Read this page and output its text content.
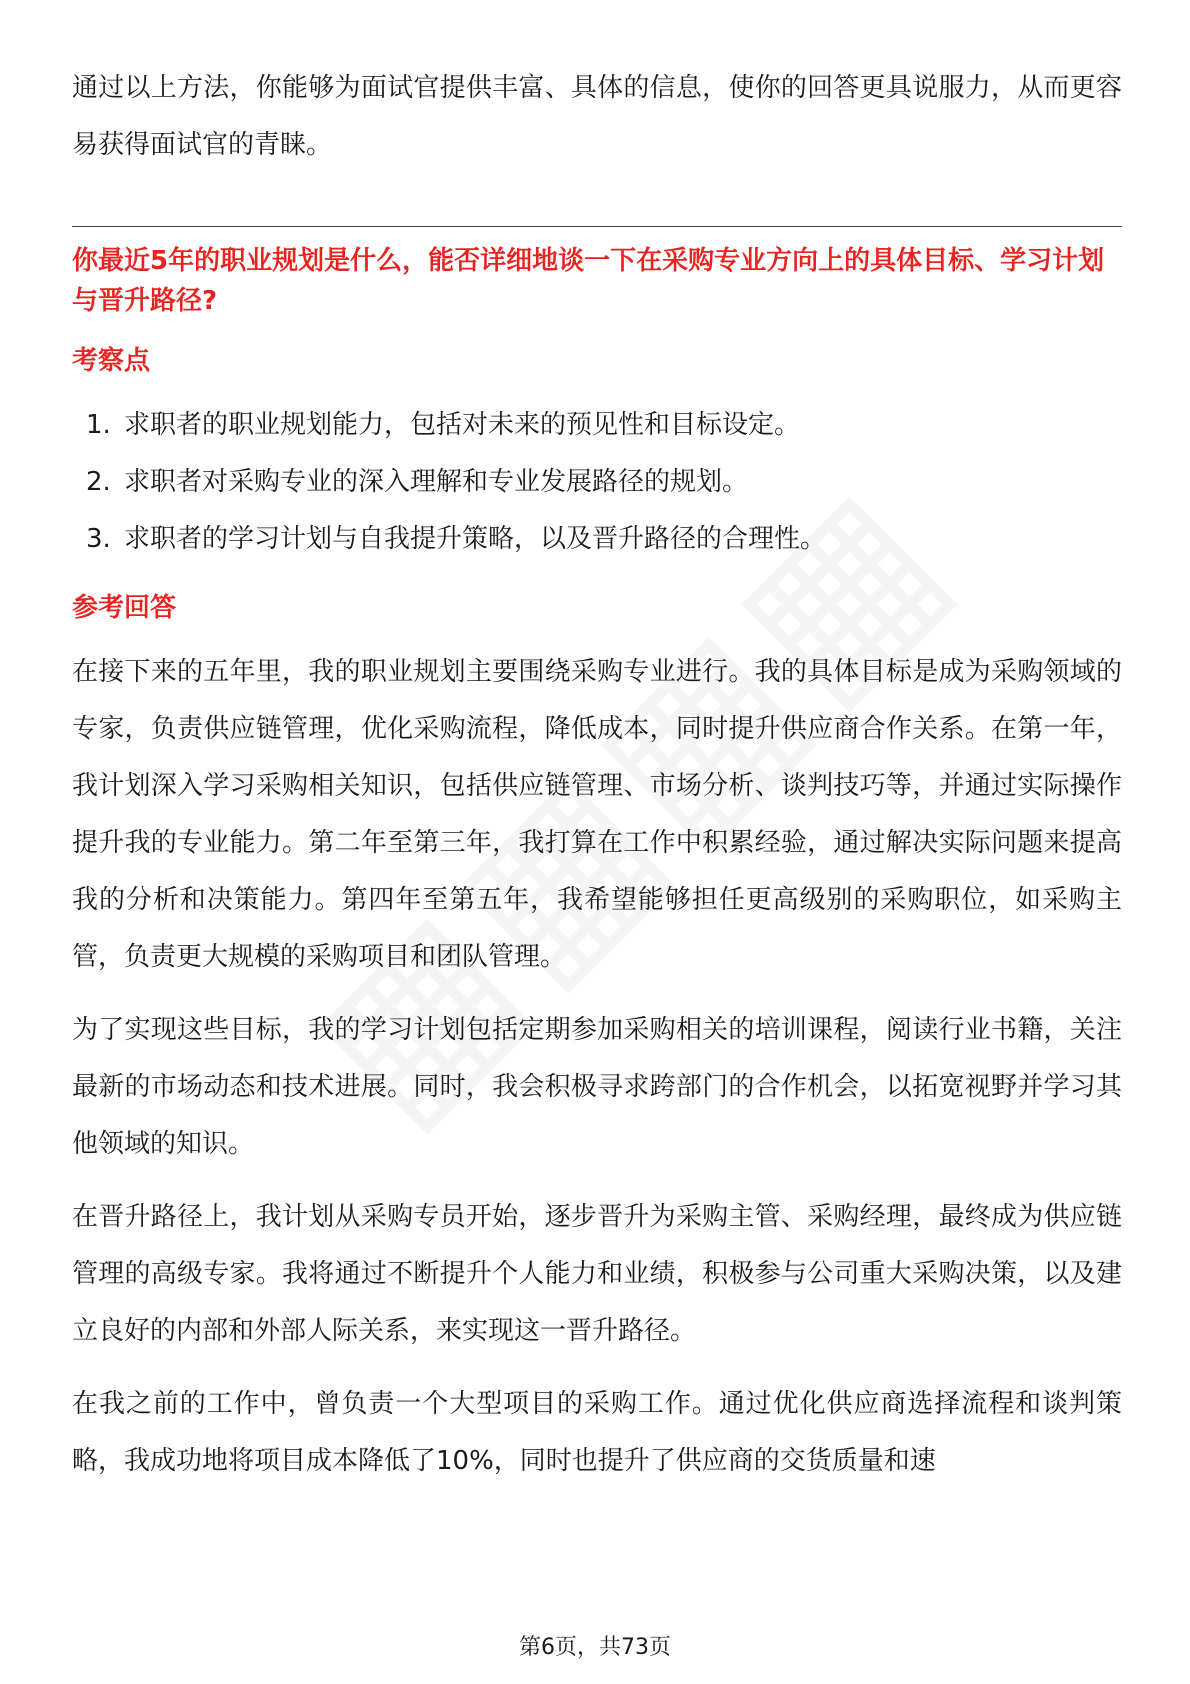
通过以上方法，你能够为面试官提供丰富、具体的信息，使你的回答更具说服力，从而更容易获得面试官的青睐。

你最近5年的职业规划是什么，能否详细地谈一下在采购专业方向上的具体目标、学习计划与晋升路径?
考察点
1. 求职者的职业规划能力，包括对未来的预见性和目标设定。
2. 求职者对采购专业的深入理解和专业发展路径的规划。
3. 求职者的学习计划与自我提升策略，以及晋升路径的合理性。
参考回答

在接下来的五年里，我的职业规划主要围绕采购专业进行。我的具体目标是成为采购领域的专家，负责供应链管理，优化采购流程，降低成本，同时提升供应商合作关系。在第一年，我计划深入学习采购相关知识，包括供应链管理、市场分析、谈判技巧等，并通过实际操作提升我的专业能力。第二年至第三年，我打算在工作中积累经验，通过解决实际问题来提高我的分析和决策能力。第四年至第五年，我希望能够担任更高级别的采购职位，如采购主管，负责更大规模的采购项目和团队管理。

为了实现这些目标，我的学习计划包括定期参加采购相关的培训课程，阅读行业书籍，关注最新的市场动态和技术进展。同时，我会积极寻求跨部门的合作机会，以拓宽视野并学习其他领域的知识。

在晋升路径上，我计划从采购专员开始，逐步晋升为采购主管、采购经理，最终成为供应链管理的高级专家。我将通过不断提升个人能力和业绩，积极参与公司重大采购决策，以及建立良好的内部和外部人际关系，来实现这一晋升路径。

在我之前的工作中，曾负责一个大型项目的采购工作。通过优化供应商选择流程和谈判策略，我成功地将项目成本降低了10%，同时也提升了供应商的交货质量和速

第6页，共73页
